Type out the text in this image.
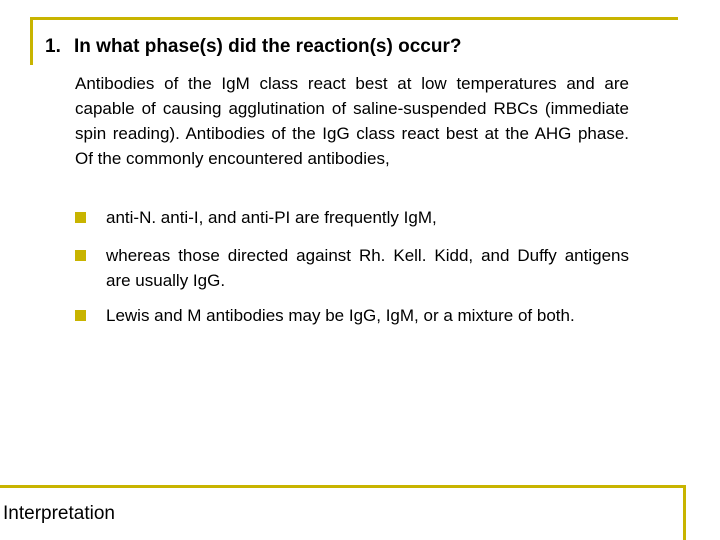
1. In what phase(s) did the reaction(s) occur?

Antibodies of the IgM class react best at low temperatures and are capable of causing agglutination of saline-suspended RBCs (immediate spin reading). Antibodies of the IgG class react best at the AHG phase. Of the commonly encountered antibodies,

anti-N. anti-I, and anti-PI are frequently IgM,
whereas those directed against Rh. Kell. Kidd, and Duffy antigens are usually IgG.
Lewis and M antibodies may be IgG, IgM, or a mixture of both.

Interpretation
